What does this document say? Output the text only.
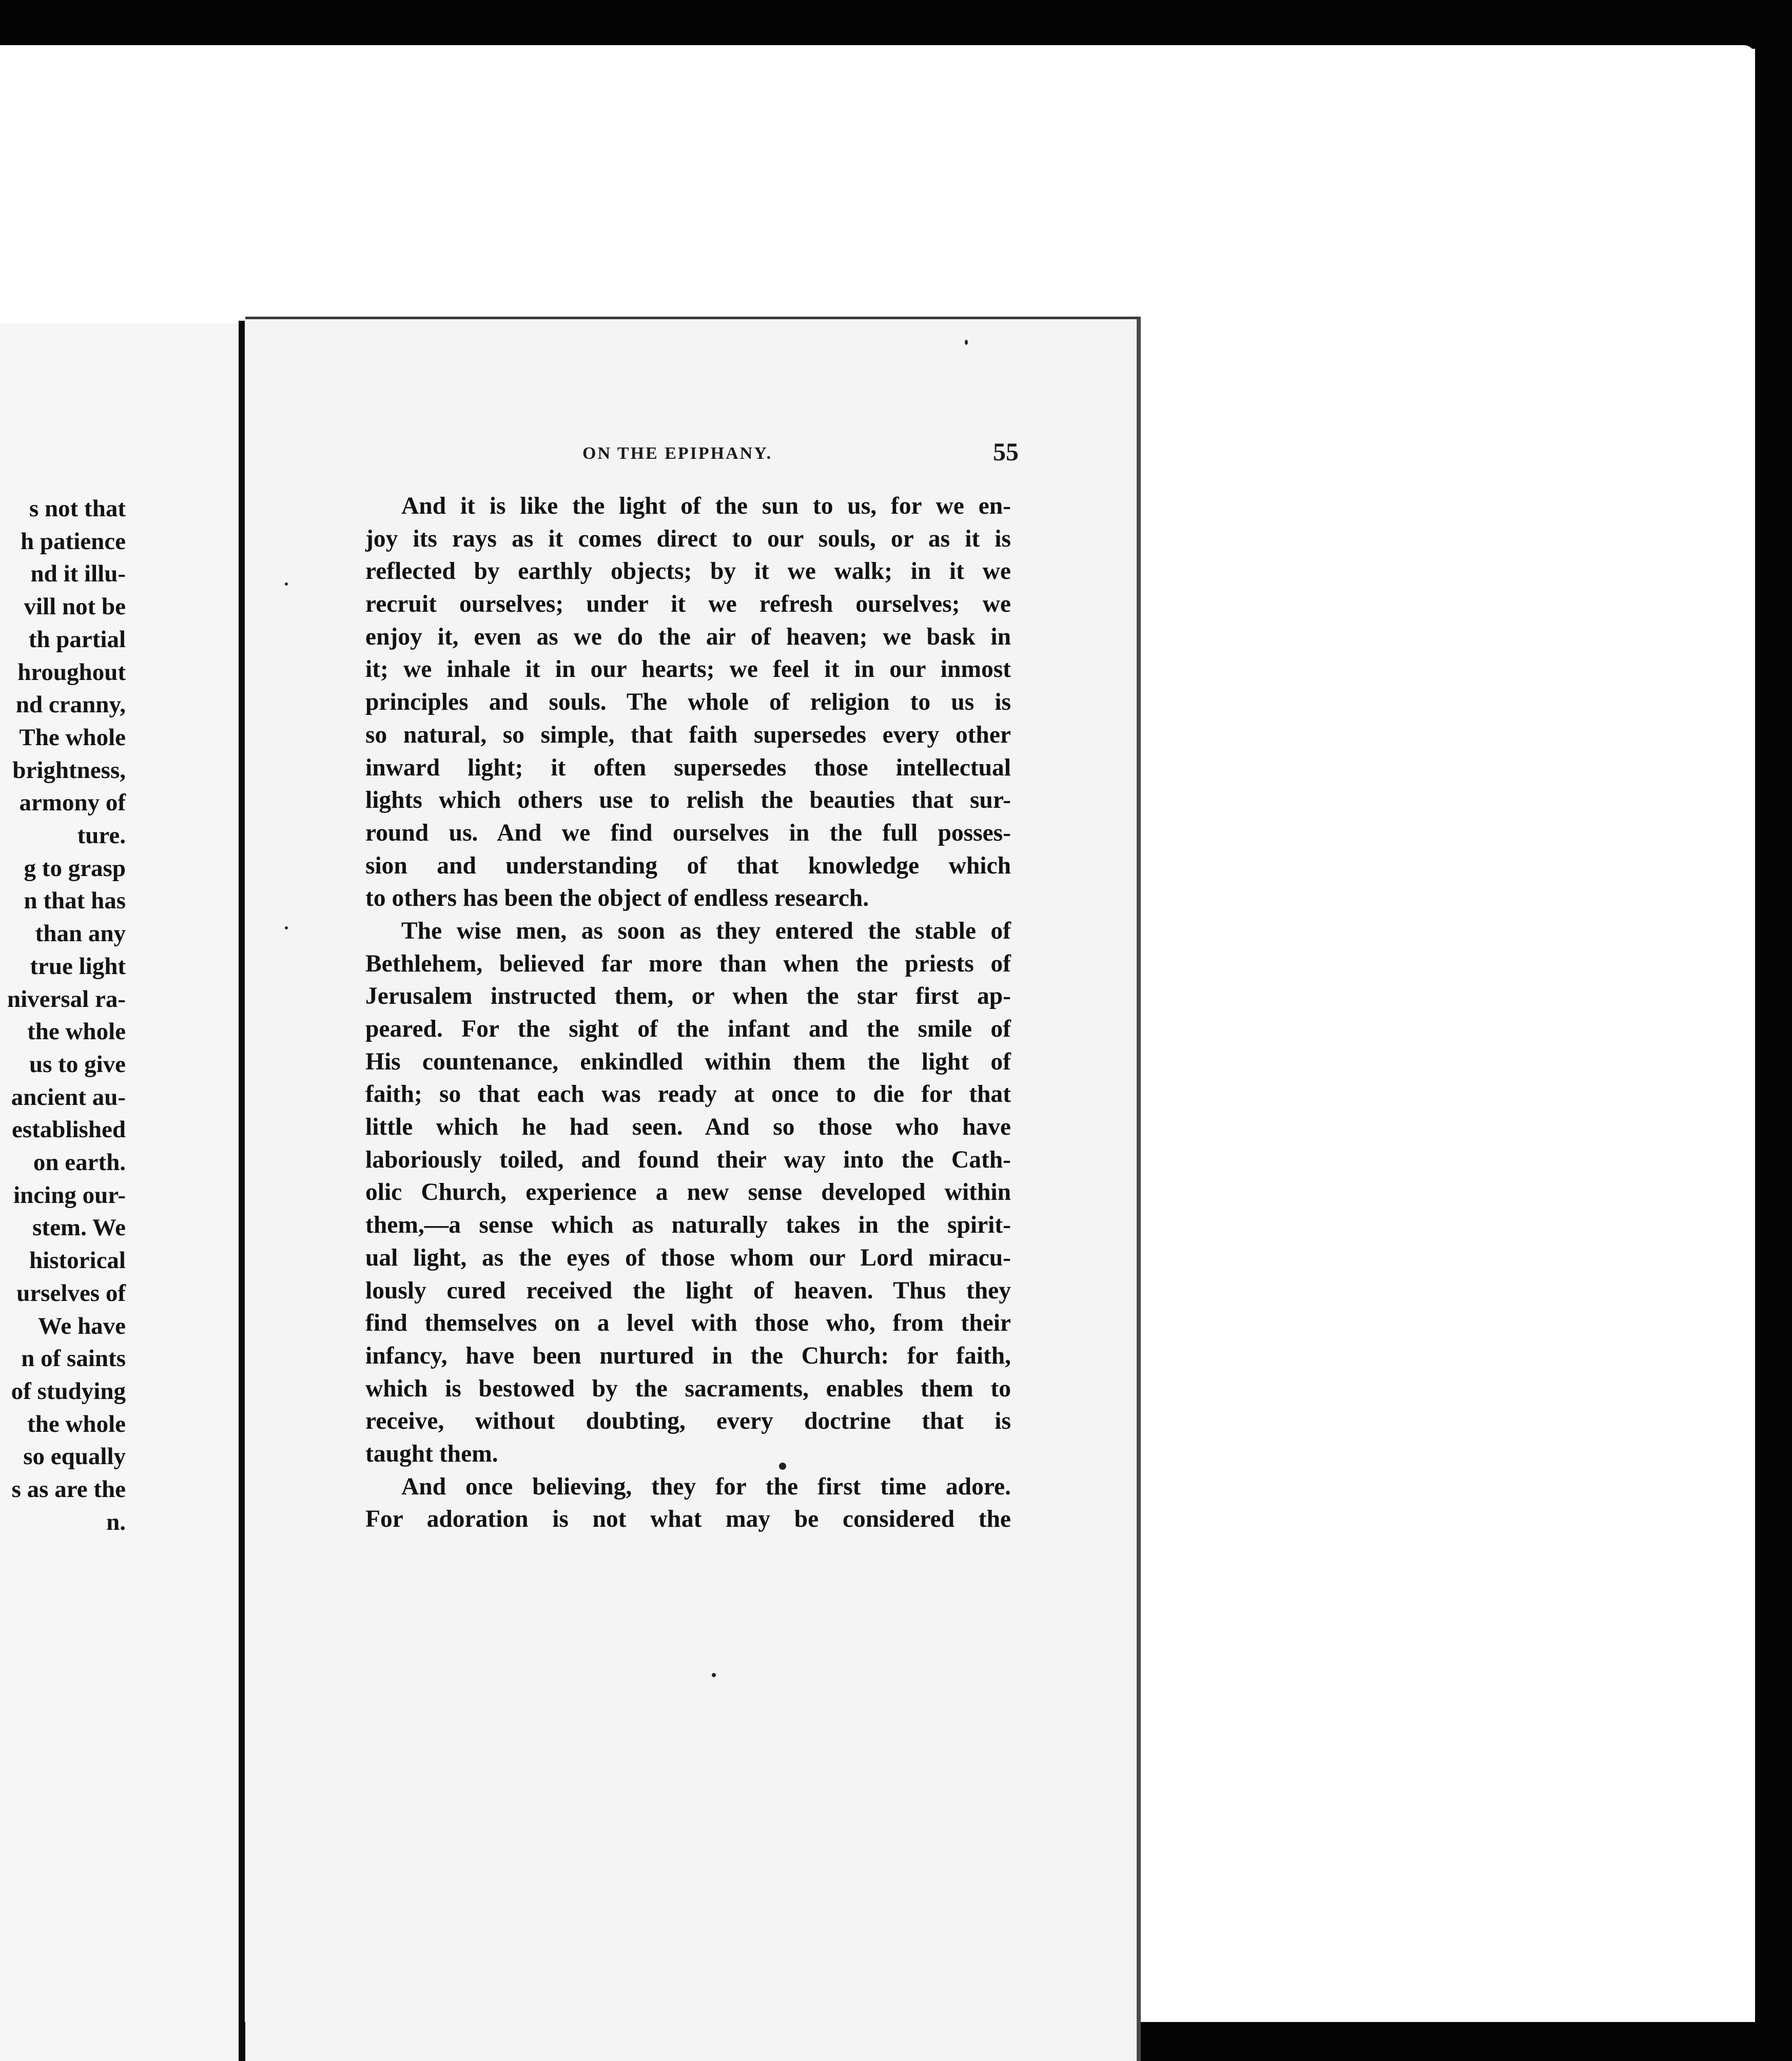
s not that
h patience
nd it illu-
vill not be
th partial
hroughout
nd cranny,
The whole
brightness,
armony of
ture.
g to grasp
n that has
than any
true light
niversal ra-
the whole
us to give
ancient au-
established
on earth.
incing our-
stem. We
historical
urselves of
We have
n of saints
of studying
the whole
so equally
s as are the
n.
ON THE EPIPHANY.	55
And it is like the light of the sun to us, for we en-
joy its rays as it comes direct to our souls, or as it is
reflected by earthly objects; by it we walk; in it we
recruit ourselves; under it we refresh ourselves; we
enjoy it, even as we do the air of heaven; we bask in
it; we inhale it in our hearts; we feel it in our inmost
principles and souls. The whole of religion to us is
so natural, so simple, that faith supersedes every other
inward light; it often supersedes those intellectual
lights which others use to relish the beauties that sur-
round us. And we find ourselves in the full posses-
sion and understanding of that knowledge which
to others has been the object of endless research.
The wise men, as soon as they entered the stable of
Bethlehem, believed far more than when the priests of
Jerusalem instructed them, or when the star first ap-
peared. For the sight of the infant and the smile of
His countenance, enkindled within them the light of
faith; so that each was ready at once to die for that
little which he had seen. And so those who have
laboriously toiled, and found their way into the Cath-
olic Church, experience a new sense developed within
them,—a sense which as naturally takes in the spirit-
ual light, as the eyes of those whom our Lord miracu-
lously cured received the light of heaven. Thus they
find themselves on a level with those who, from their
infancy, have been nurtured in the Church: for faith,
which is bestowed by the sacraments, enables them to
receive, without doubting, every doctrine that is
taught them.
And once believing, they for the first time adore.
For adoration is not what may be considered the
